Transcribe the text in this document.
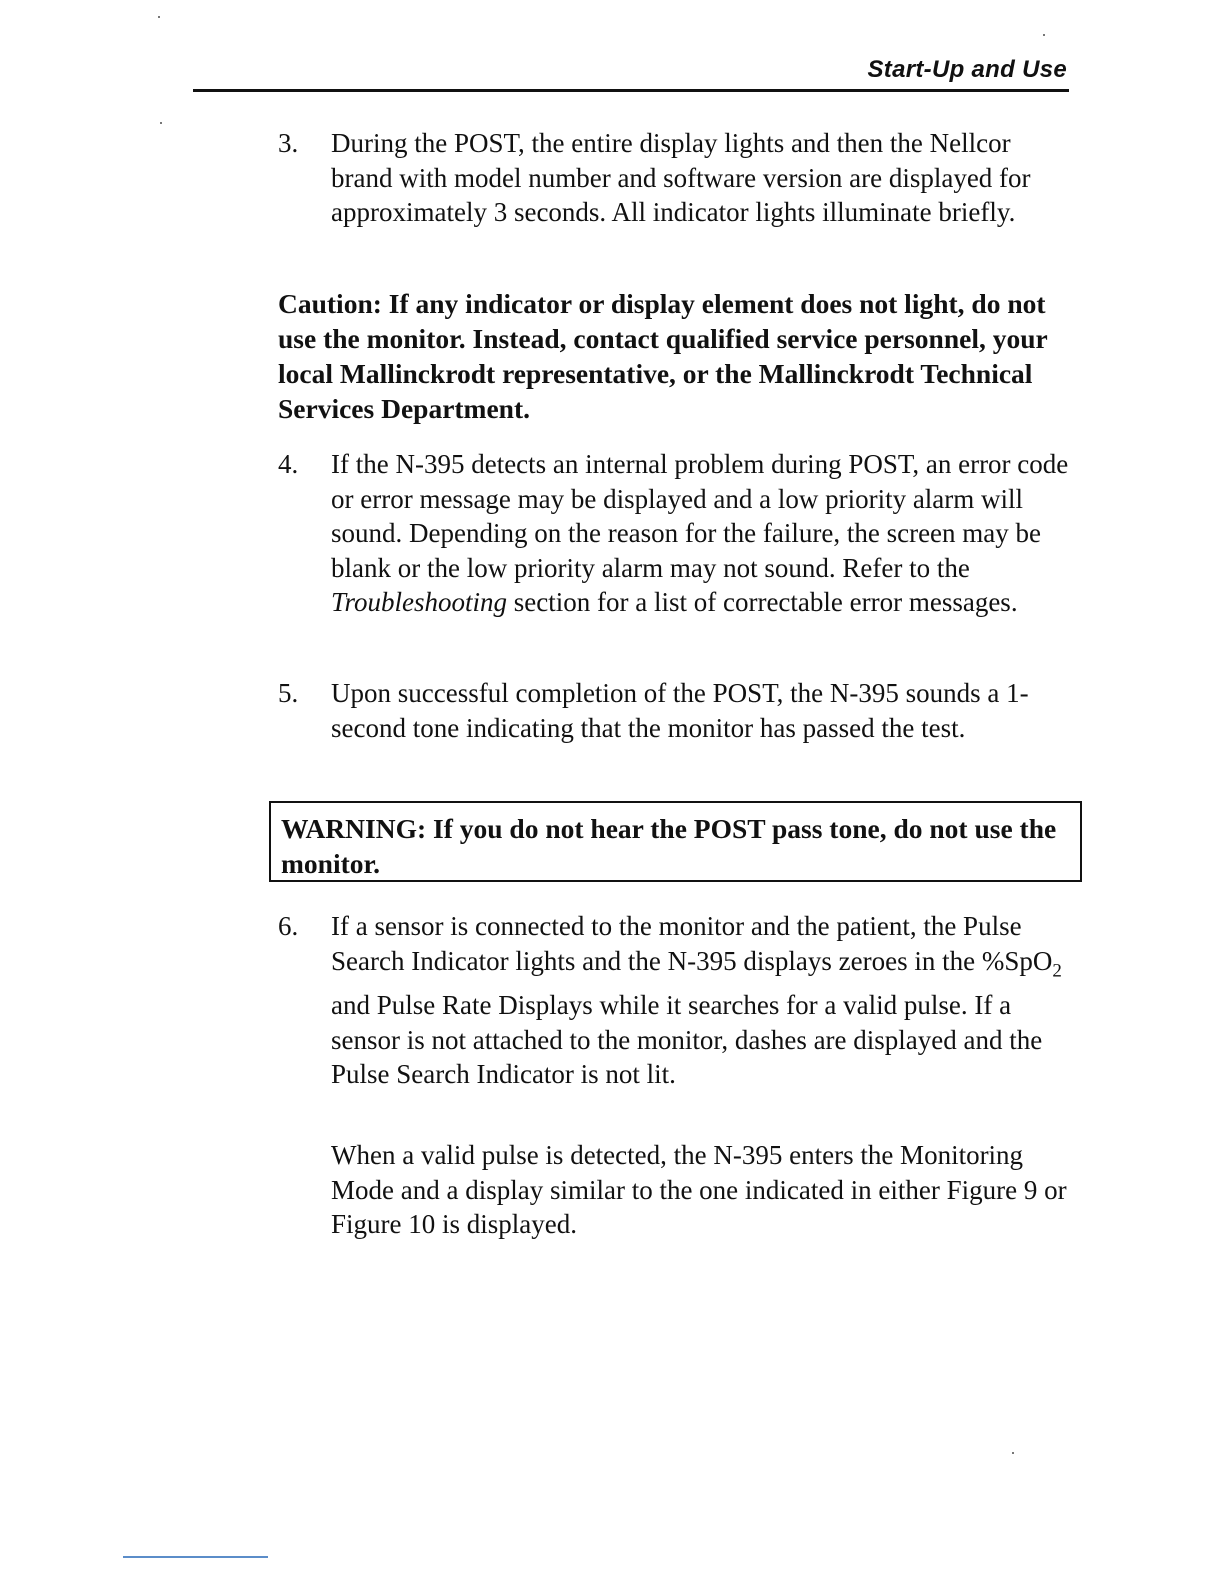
Start-Up and Use
3. During the POST, the entire display lights and then the Nellcor brand with model number and software version are displayed for approximately 3 seconds. All indicator lights illuminate briefly.
Caution: If any indicator or display element does not light, do not use the monitor. Instead, contact qualified service personnel, your local Mallinckrodt representative, or the Mallinckrodt Technical Services Department.
4. If the N-395 detects an internal problem during POST, an error code or error message may be displayed and a low priority alarm will sound. Depending on the reason for the failure, the screen may be blank or the low priority alarm may not sound. Refer to the Troubleshooting section for a list of correctable error messages.
5. Upon successful completion of the POST, the N-395 sounds a 1-second tone indicating that the monitor has passed the test.
WARNING: If you do not hear the POST pass tone, do not use the monitor.
6. If a sensor is connected to the monitor and the patient, the Pulse Search Indicator lights and the N-395 displays zeroes in the %SpO$_2$ and Pulse Rate Displays while it searches for a valid pulse. If a sensor is not attached to the monitor, dashes are displayed and the Pulse Search Indicator is not lit.
When a valid pulse is detected, the N-395 enters the Monitoring Mode and a display similar to the one indicated in either Figure 9 or Figure 10 is displayed.
